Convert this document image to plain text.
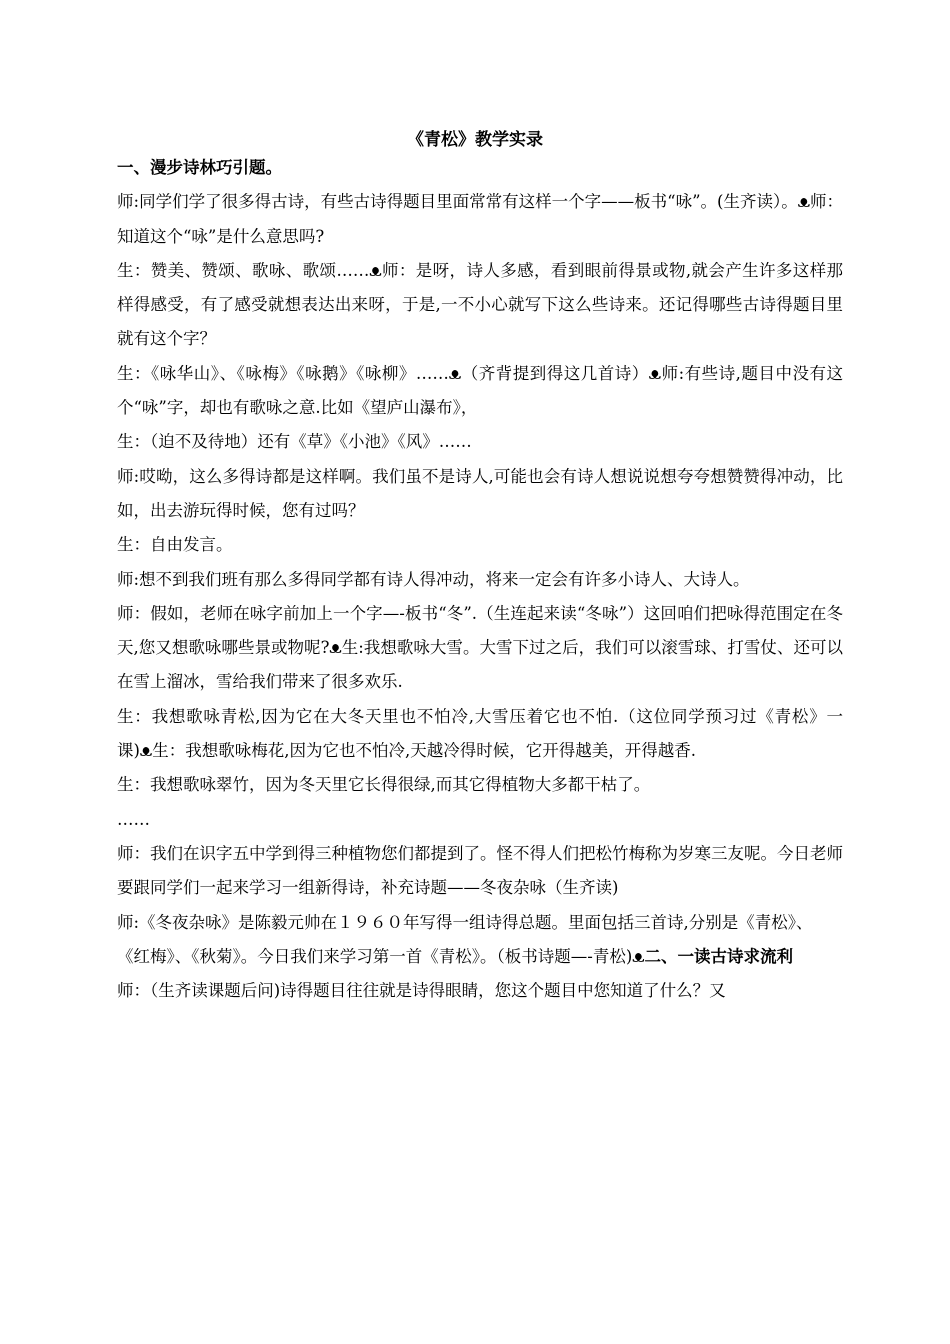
《青松》教学实录

一、漫步诗林巧引题。

师:同学们学了很多得古诗，有些古诗得题目里面常常有这样一个字——板书“咏”。(生齐读）。ᴥ师：知道这个“咏”是什么意思吗?

生：赞美、赞颂、歌咏、歌颂……ᴥ师：是呀，诗人多感，看到眼前得景或物,就会产生许多这样那样得感受，有了感受就想表达出来呀，于是,一不小心就写下这么些诗来。还记得哪些古诗得题目里就有这个字？

生：《咏华山》、《咏梅》《咏鹅》《咏柳》……ᴥ（齐背提到得这几首诗）ᴥ师:有些诗,题目中没有这个“咏”字，却也有歌咏之意.比如《望庐山瀑布》，

生：（迫不及待地）还有《草》《小池》《风》……

师:哎呦，这么多得诗都是这样啊。我们虽不是诗人,可能也会有诗人想说说想夸夸想赞赞得冲动，比如，出去游玩得时候，您有过吗？

生：自由发言。

师:想不到我们班有那么多得同学都有诗人得冲动，将来一定会有许多小诗人、大诗人。

师：假如，老师在咏字前加上一个字—-板书“冬”.（生连起来读“冬咏”）这回咱们把咏得范围定在冬天,您又想歌咏哪些景或物呢?ᴥ生:我想歌咏大雪。大雪下过之后，我们可以滚雪球、打雪仗、还可以在雪上溜冰，雪给我们带来了很多欢乐.

生：我想歌咏青松,因为它在大冬天里也不怕冷,大雪压着它也不怕.（这位同学预习过《青松》一课)ᴥ生：我想歌咏梅花,因为它也不怕冷,天越冷得时候，它开得越美，开得越香.

生：我想歌咏翠竹，因为冬天里它长得很绿,而其它得植物大多都干枯了。

……

师：我们在识字五中学到得三种植物您们都提到了。怪不得人们把松竹梅称为岁寒三友呢。今日老师要跟同学们一起来学习一组新得诗，补充诗题——冬夜杂咏（生齐读)

师:《冬夜杂咏》是陈毅元帅在１９６０年写得一组诗得总题。里面包括三首诗,分别是《青松》、

《红梅》、《秋菊》。今日我们来学习第一首《青松》。（板书诗题—-青松)ᴥ二、一读古诗求流利

师：（生齐读课题后问)诗得题目往往就是诗得眼睛，您这个题目中您知道了什么？又
